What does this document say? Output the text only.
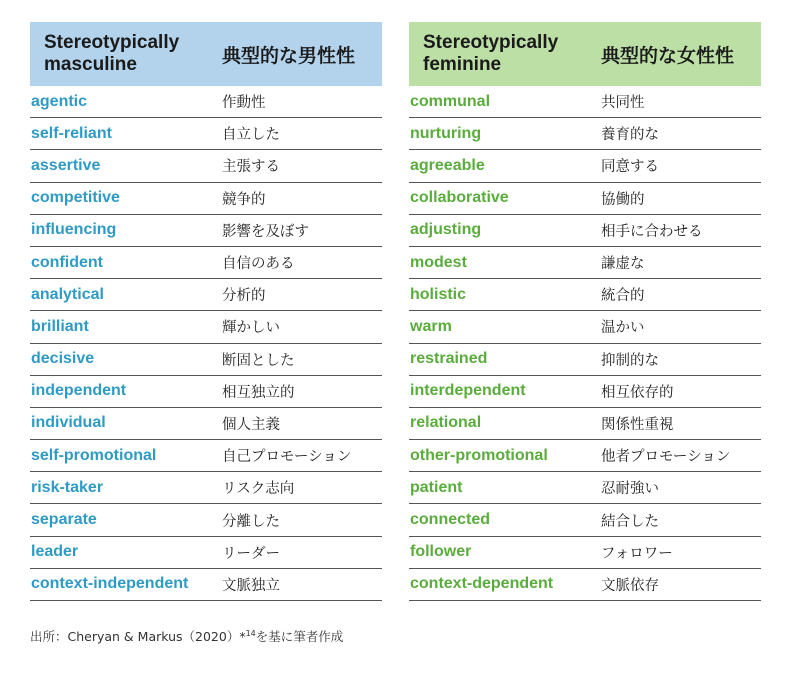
Stereotypically
masculine	典型的な男性性
agentic	作動性
self-reliant	自立した
assertive	主張する
competitive	競争的
influencing	影響を及ぼす
confident	自信のある
analytical	分析的
brilliant	輝かしい
decisive	断固とした
independent	相互独立的
individual	個人主義
self-promotional	自己プロモーション
risk-taker	リスク志向
separate	分離した
leader	リーダー
context-independent	文脈独立
Stereotypically
feminine	典型的な女性性
communal	共同性
nurturing	養育的な
agreeable	同意する
collaborative	協働的
adjusting	相手に合わせる
modest	謙虚な
holistic	統合的
warm	温かい
restrained	抑制的な
interdependent	相互依存的
relational	関係性重視
other-promotional	他者プロモーション
patient	忍耐強い
connected	結合した
follower	フォロワー
context-dependent	文脈依存
出所：Cheryan & Markus（2020）*$^{14}$を基に筆者作成
